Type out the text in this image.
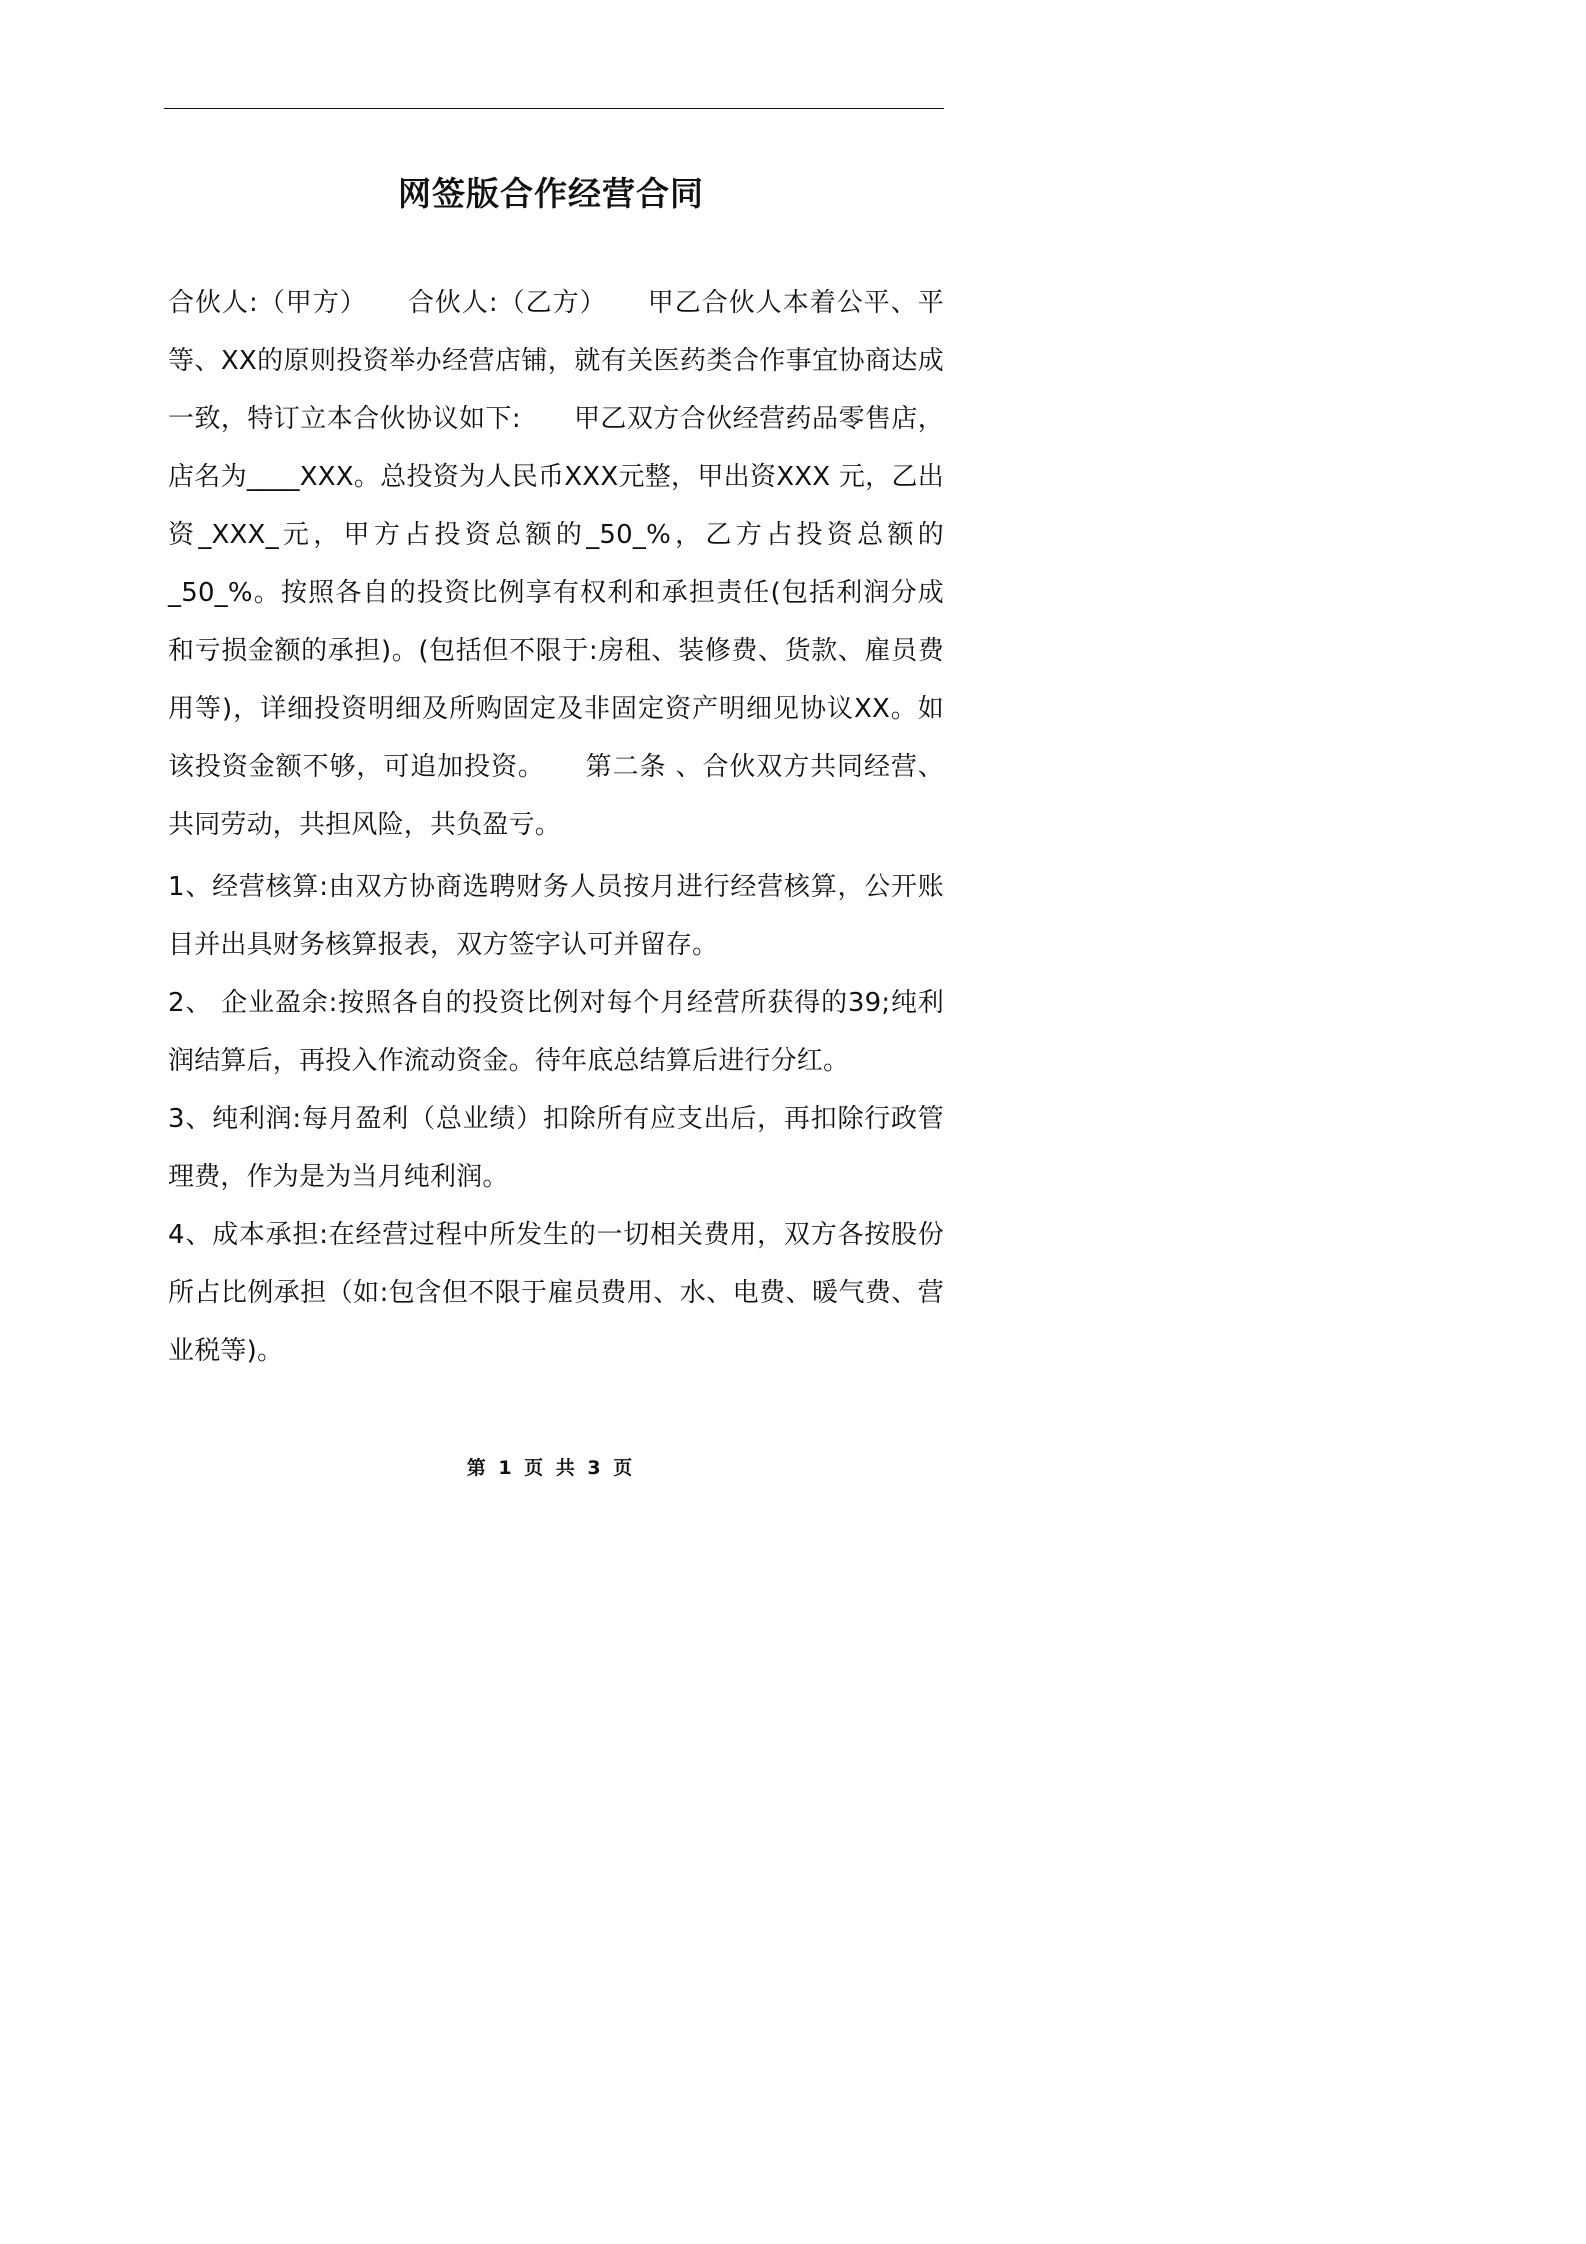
网签版合作经营合同

合伙人:（甲方）　　合伙人:（乙方）　　甲乙合伙人本着公平、平等、XX的原则投资举办经营店铺，就有关医药类合作事宜协商达成一致，特订立本合伙协议如下:　　甲乙双方合伙经营药品零售店，店名为____XXX。总投资为人民币XXX元整，甲出资XXX 元，乙出资_XXX_元，甲方占投资总额的_50_%，乙方占投资总额的_50_%。按照各自的投资比例享有权利和承担责任(包括利润分成和亏损金额的承担)。(包括但不限于:房租、装修费、货款、雇员费用等)，详细投资明细及所购固定及非固定资产明细见协议XX。如该投资金额不够，可追加投资。　　第二条 、合伙双方共同经营、共同劳动，共担风险，共负盈亏。

1、经营核算:由双方协商选聘财务人员按月进行经营核算，公开账目并出具财务核算报表，双方签字认可并留存。

2、 企业盈余:按照各自的投资比例对每个月经营所获得的39;纯利润结算后，再投入作流动资金。待年底总结算后进行分红。

3、纯利润:每月盈利（总业绩）扣除所有应支出后，再扣除行政管理费，作为是为当月纯利润。

4、成本承担:在经营过程中所发生的一切相关费用，双方各按股份所占比例承担（如:包含但不限于雇员费用、水、电费、暖气费、营业税等)。

第 1 页 共 3 页
